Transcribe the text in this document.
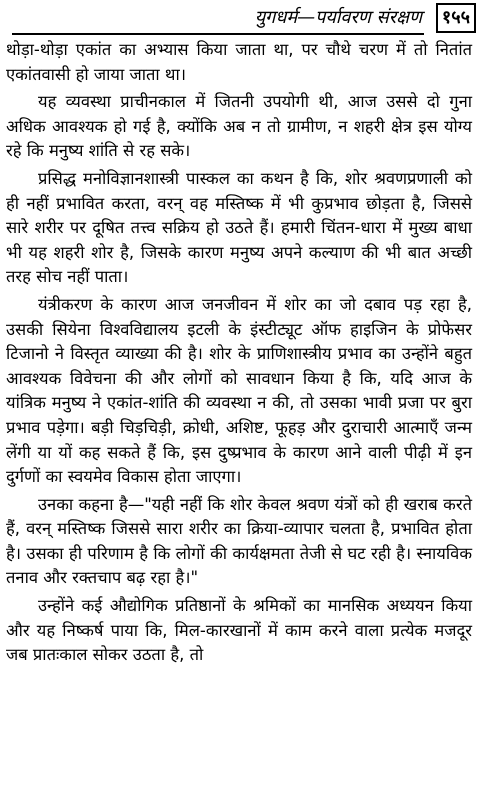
युगधर्म—पर्यावरण संरक्षण	१५५

थोड़ा-थोड़ा एकांत का अभ्यास किया जाता था, पर चौथे चरण में तो नितांत एकांतवासी हो जाया जाता था।

यह व्यवस्था प्राचीनकाल में जितनी उपयोगी थी, आज उससे दो गुना अधिक आवश्यक हो गई है, क्योंकि अब न तो ग्रामीण, न शहरी क्षेत्र इस योग्य रहे कि मनुष्य शांति से रह सके।

प्रसिद्ध मनोविज्ञानशास्त्री पास्कल का कथन है कि, शोर श्रवणप्रणाली को ही नहीं प्रभावित करता, वरन् वह मस्तिष्क में भी कुप्रभाव छोड़ता है, जिससे सारे शरीर पर दूषित तत्त्व सक्रिय हो उठते हैं। हमारी चिंतन-धारा में मुख्य बाधा भी यह शहरी शोर है, जिसके कारण मनुष्य अपने कल्याण की भी बात अच्छी तरह सोच नहीं पाता।

यंत्रीकरण के कारण आज जनजीवन में शोर का जो दबाव पड़ रहा है, उसकी सियेना विश्वविद्यालय इटली के इंस्टीट्यूट ऑफ हाइजिन के प्रोफेसर टिजानो ने विस्तृत व्याख्या की है। शोर के प्राणिशास्त्रीय प्रभाव का उन्होंने बहुत आवश्यक विवेचना की और लोगों को सावधान किया है कि, यदि आज के यांत्रिक मनुष्य ने एकांत-शांति की व्यवस्था न की, तो उसका भावी प्रजा पर बुरा प्रभाव पड़ेगा। बड़ी चिड़चिड़ी, क्रोधी, अशिष्ट, फूहड़ और दुराचारी आत्माएँ जन्म लेंगी या यों कह सकते हैं कि, इस दुष्प्रभाव के कारण आने वाली पीढ़ी में इन दुर्गणों का स्वयमेव विकास होता जाएगा।

उनका कहना है—"यही नहीं कि शोर केवल श्रवण यंत्रों को ही खराब करते हैं, वरन् मस्तिष्क जिससे सारा शरीर का क्रिया-व्यापार चलता है, प्रभावित होता है। उसका ही परिणाम है कि लोगों की कार्यक्षमता तेजी से घट रही है। स्नायविक तनाव और रक्तचाप बढ़ रहा है।"

उन्होंने कई औद्योगिक प्रतिष्ठानों के श्रमिकों का मानसिक अध्ययन किया और यह निष्कर्ष पाया कि, मिल-कारखानों में काम करने वाला प्रत्येक मजदूर जब प्रातःकाल सोकर उठता है, तो
